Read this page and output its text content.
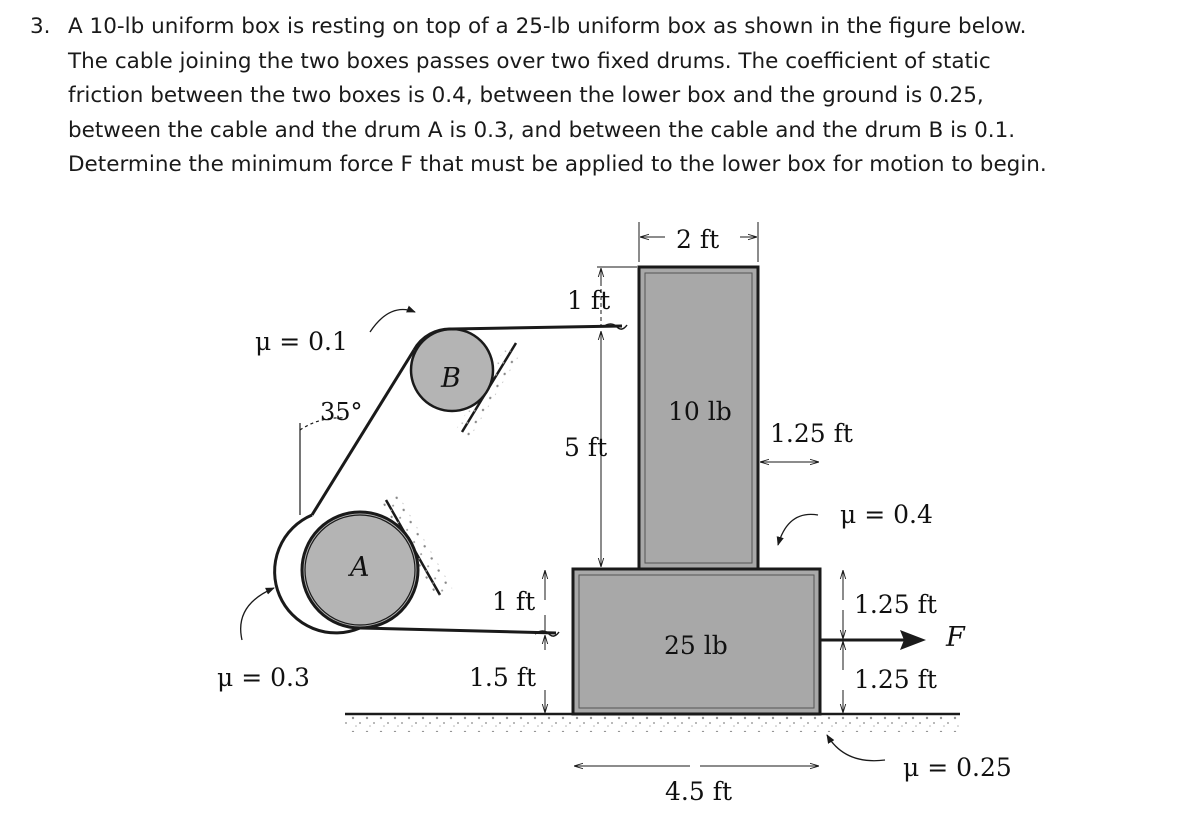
3. A 10-lb uniform box is resting on top of a 25-lb uniform box as shown in the figure below.
The cable joining the two boxes passes over two fixed drums. The coefficient of static
friction between the two boxes is 0.4, between the lower box and the ground is 0.25,
between the cable and the drum A is 0.3, and between the cable and the drum B is 0.1.
Determine the minimum force F that must be applied to the lower box for motion to begin.
B
A
35°	10 lb
25 lb	F
μ = 0.1
μ = 0.3
μ = 0.4
μ = 0.25
2 ft
1 ft
5 ft	1.25 ft
1 ft
1.5 ft
1.25 ft
1.25 ft
4.5 ft
